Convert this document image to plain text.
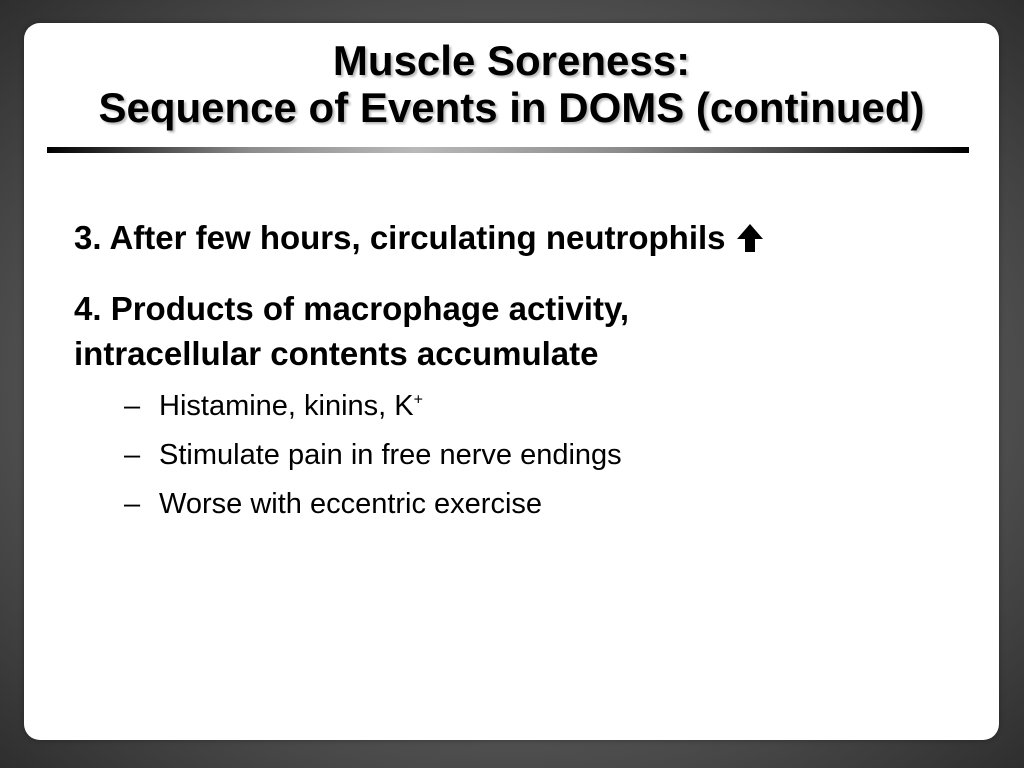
Muscle Soreness:
Sequence of Events in DOMS (continued)

3. After few hours, circulating neutrophils

4. Products of macrophage activity,
intracellular contents accumulate

– Histamine, kinins, K+
– Stimulate pain in free nerve endings
– Worse with eccentric exercise
